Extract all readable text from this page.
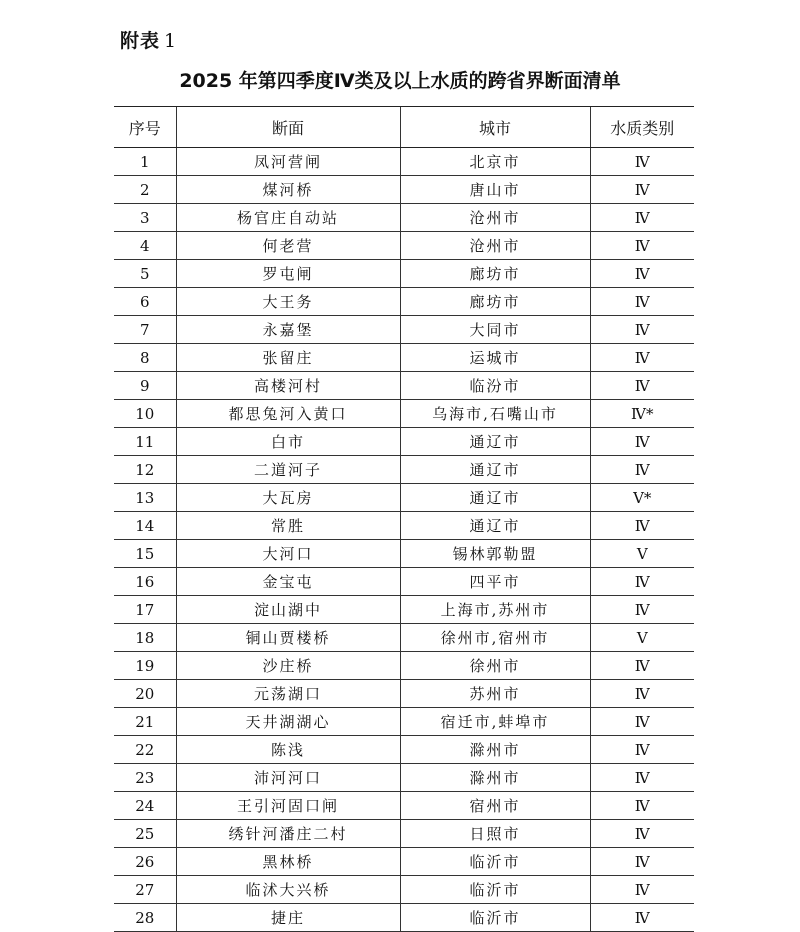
附表 1
2025 年第四季度Ⅳ类及以上水质的跨省界断面清单
序号	断面	城市	水质类别
1	凤河营闸	北京市	Ⅳ
2	煤河桥	唐山市	Ⅳ
3	杨官庄自动站	沧州市	Ⅳ
4	何老营	沧州市	Ⅳ
5	罗屯闸	廊坊市	Ⅳ
6	大王务	廊坊市	Ⅳ
7	永嘉堡	大同市	Ⅳ
8	张留庄	运城市	Ⅳ
9	高楼河村	临汾市	Ⅳ
10	都思兔河入黄口	乌海市,石嘴山市	Ⅳ*
11	白市	通辽市	Ⅳ
12	二道河子	通辽市	Ⅳ
13	大瓦房	通辽市	Ⅴ*
14	常胜	通辽市	Ⅳ
15	大河口	锡林郭勒盟	Ⅴ
16	金宝屯	四平市	Ⅳ
17	淀山湖中	上海市,苏州市	Ⅳ
18	铜山贾楼桥	徐州市,宿州市	Ⅴ
19	沙庄桥	徐州市	Ⅳ
20	元荡湖口	苏州市	Ⅳ
21	天井湖湖心	宿迁市,蚌埠市	Ⅳ
22	陈浅	滁州市	Ⅳ
23	沛河河口	滁州市	Ⅳ
24	王引河固口闸	宿州市	Ⅳ
25	绣针河潘庄二村	日照市	Ⅳ
26	黑林桥	临沂市	Ⅳ
27	临沭大兴桥	临沂市	Ⅳ
28	捷庄	临沂市	Ⅳ
